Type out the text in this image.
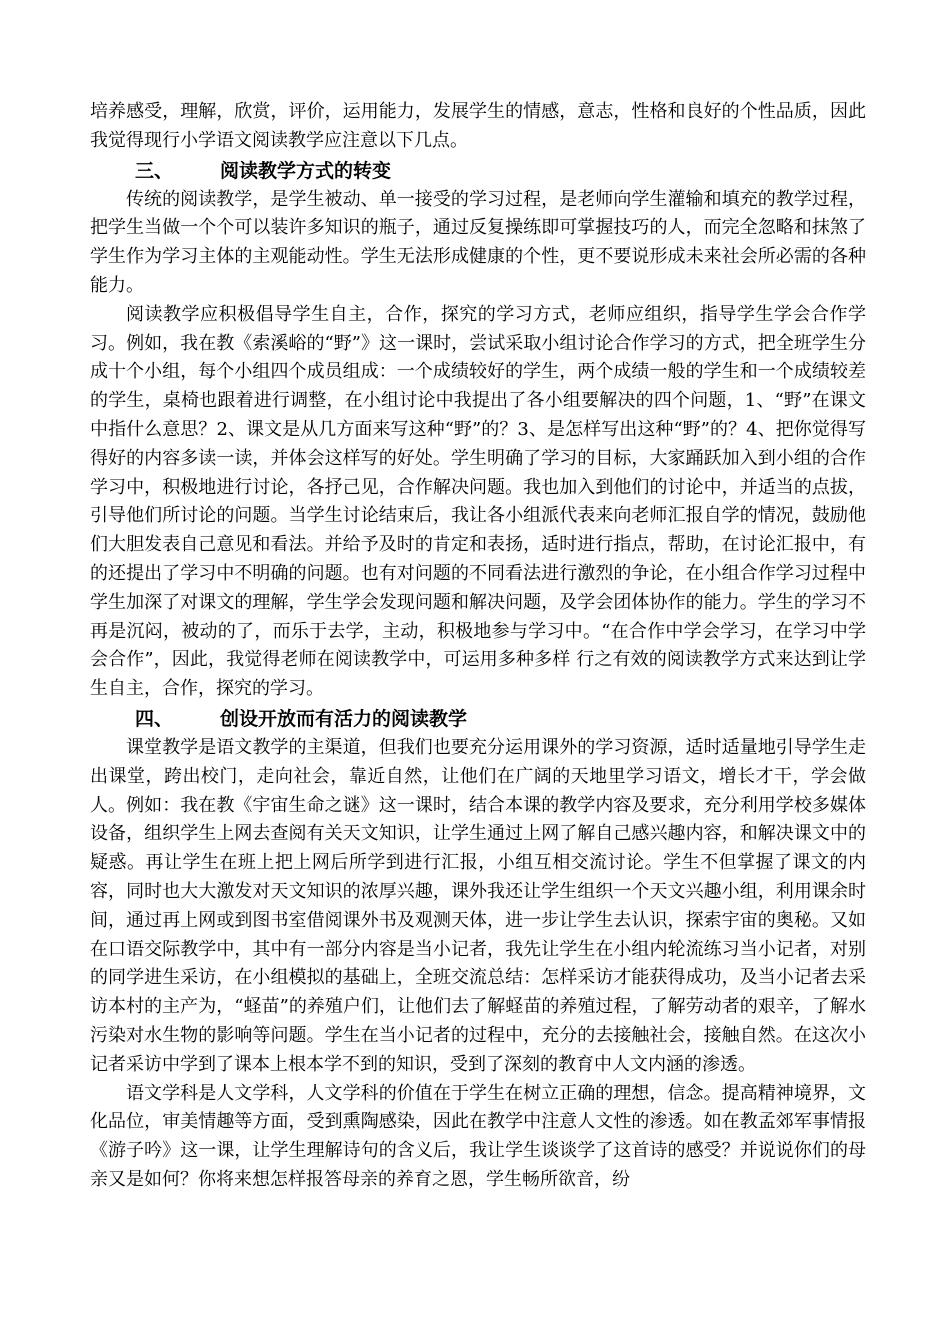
培养感受，理解，欣赏，评价，运用能力，发展学生的情感，意志，性格和良好的个性品质，因此我觉得现行小学语文阅读教学应注意以下几点。

三、 阅读教学方式的转变

传统的阅读教学，是学生被动、单一接受的学习过程，是老师向学生灌输和填充的教学过程，把学生当做一个个可以装许多知识的瓶子，通过反复操练即可掌握技巧的人，而完全忽略和抹煞了学生作为学习主体的主观能动性。学生无法形成健康的个性，更不要说形成未来社会所必需的各种能力。

阅读教学应积极倡导学生自主，合作，探究的学习方式，老师应组织，指导学生学会合作学习。例如，我在教《索溪峪的“野”》这一课时，尝试采取小组讨论合作学习的方式，把全班学生分成十个小组，每个小组四个成员组成：一个成绩较好的学生，两个成绩一般的学生和一个成绩较差的学生，桌椅也跟着进行调整，在小组讨论中我提出了各小组要解决的四个问题，1、“野”在课文中指什么意思？2、课文是从几方面来写这种“野”的？3、是怎样写出这种“野”的？4、把你觉得写得好的内容多读一读，并体会这样写的好处。学生明确了学习的目标，大家踊跃加入到小组的合作学习中，积极地进行讨论，各抒己见，合作解决问题。我也加入到他们的讨论中，并适当的点拔，引导他们所讨论的问题。当学生讨论结束后，我让各小组派代表来向老师汇报自学的情况，鼓励他们大胆发表自己意见和看法。并给予及时的肯定和表扬，适时进行指点，帮助，在讨论汇报中，有的还提出了学习中不明确的问题。也有对问题的不同看法进行激烈的争论，在小组合作学习过程中学生加深了对课文的理解，学生学会发现问题和解决问题，及学会团体协作的能力。学生的学习不再是沉闷，被动的了，而乐于去学，主动，积极地参与学习中。“在合作中学会学习，在学习中学会合作”，因此，我觉得老师在阅读教学中，可运用多种多样 行之有效的阅读教学方式来达到让学生自主，合作，探究的学习。

四、 创设开放而有活力的阅读教学

课堂教学是语文教学的主渠道，但我们也要充分运用课外的学习资源，适时适量地引导学生走出课堂，跨出校门，走向社会，靠近自然，让他们在广阔的天地里学习语文，增长才干，学会做人。例如：我在教《宇宙生命之谜》这一课时，结合本课的教学内容及要求，充分利用学校多媒体设备，组织学生上网去查阅有关天文知识，让学生通过上网了解自己感兴趣内容，和解决课文中的疑惑。再让学生在班上把上网后所学到进行汇报，小组互相交流讨论。学生不但掌握了课文的内容，同时也大大激发对天文知识的浓厚兴趣，课外我还让学生组织一个天文兴趣小组，利用课余时间，通过再上网或到图书室借阅课外书及观测天体，进一步让学生去认识，探索宇宙的奥秘。又如在口语交际教学中，其中有一部分内容是当小记者，我先让学生在小组内轮流练习当小记者，对别的同学进生采访，在小组模拟的基础上，全班交流总结：怎样采访才能获得成功，及当小记者去采访本村的主产为，“蛏苗”的养殖户们，让他们去了解蛏苗的养殖过程，了解劳动者的艰辛，了解水污染对水生物的影响等问题。学生在当小记者的过程中，充分的去接触社会，接触自然。在这次小记者采访中学到了课本上根本学不到的知识，受到了深刻的教育中人文内涵的渗透。

语文学科是人文学科，人文学科的价值在于学生在树立正确的理想，信念。提高精神境界，文化品位，审美情趣等方面，受到熏陶感染，因此在教学中注意人文性的渗透。如在教孟郊军事情报 《游子吟》这一课，让学生理解诗句的含义后，我让学生谈谈学了这首诗的感受？并说说你们的母亲又是如何？你将来想怎样报答母亲的养育之恩，学生畅所欲音，纷
